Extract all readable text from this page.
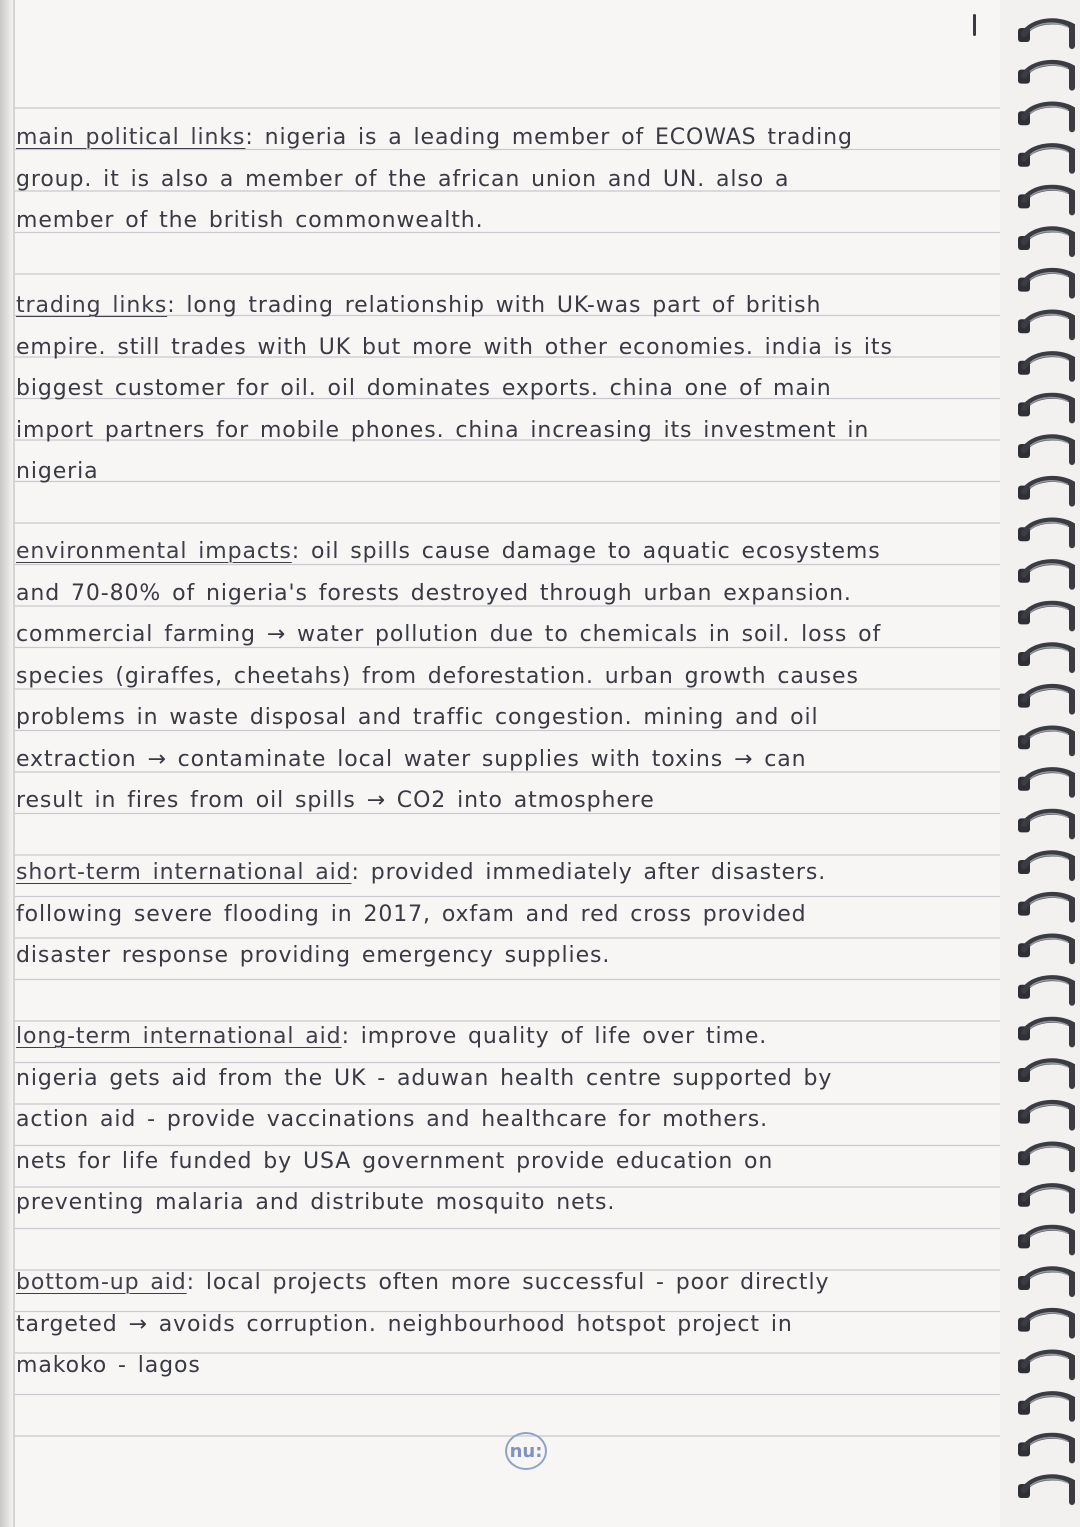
main political links: nigeria is a leading member of ECOWAS trading
group. it is also a member of the african union and UN. also a
member of the british commonwealth.
trading links: long trading relationship with UK-was part of british
empire. still trades with UK but more with other economies. india is its
biggest customer for oil. oil dominates exports. china one of main
import partners for mobile phones. china increasing its investment in
nigeria
environmental impacts: oil spills cause damage to aquatic ecosystems
and 70-80% of nigeria's forests destroyed through urban expansion.
commercial farming → water pollution due to chemicals in soil. loss of
species (giraffes, cheetahs) from deforestation. urban growth causes
problems in waste disposal and traffic congestion. mining and oil
extraction → contaminate local water supplies with toxins → can
result in fires from oil spills → CO2 into atmosphere
short-term international aid: provided immediately after disasters.
following severe flooding in 2017, oxfam and red cross provided
disaster response providing emergency supplies.
long-term international aid: improve quality of life over time.
nigeria gets aid from the UK - aduwan health centre supported by
action aid - provide vaccinations and healthcare for mothers.
nets for life funded by USA government provide education on
preventing malaria and distribute mosquito nets.
bottom-up aid: local projects often more successful - poor directly
targeted → avoids corruption. neighbourhood hotspot project in
makoko - lagos
nu:
